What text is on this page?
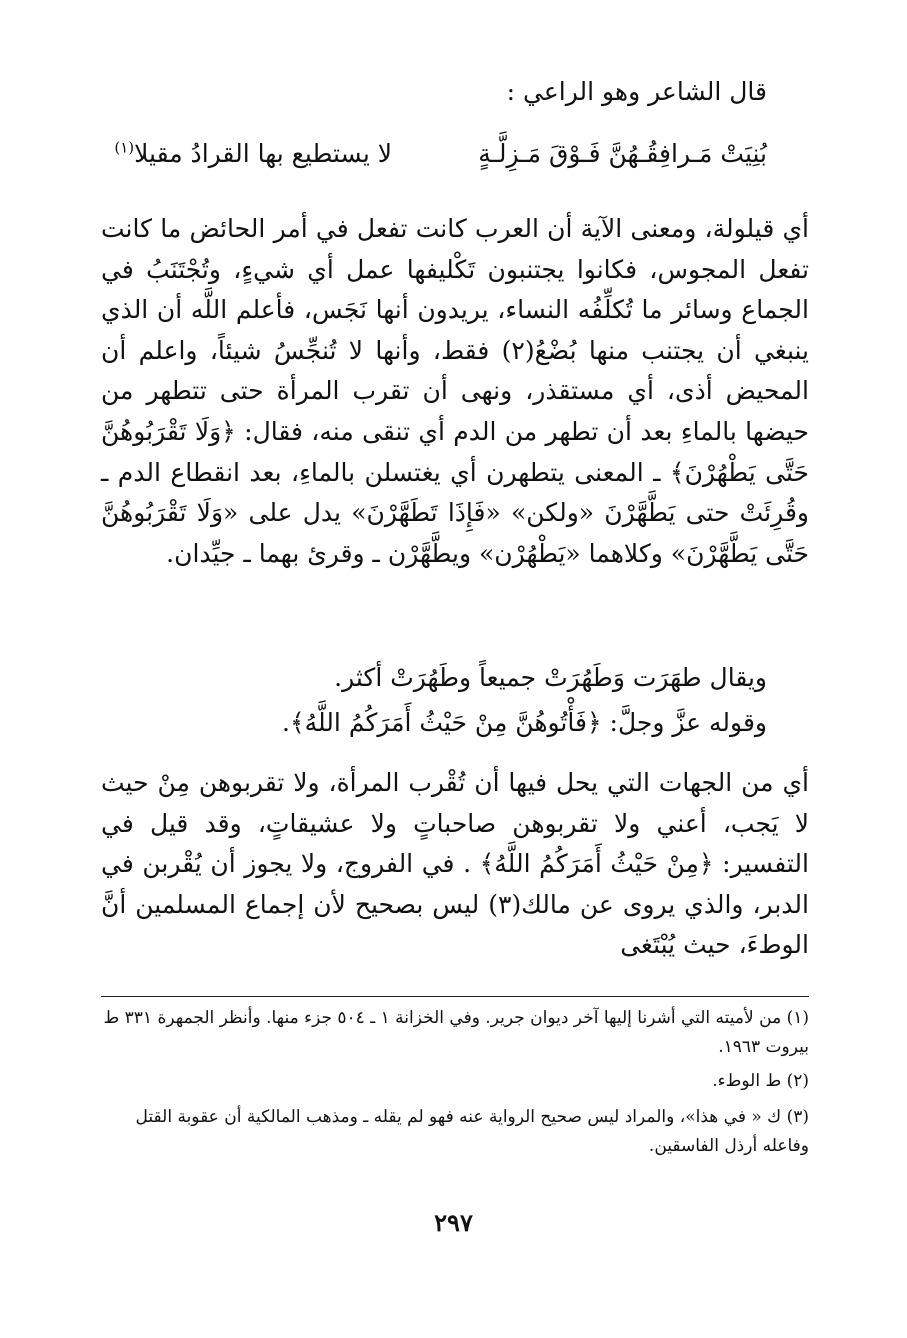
قال الشاعر وهو الراعي :

بُنِيَتْ مَـرافِقُـهُنَّ فَـوْقَ مَـزِلَّـةٍ
لا يستطيع بها القرادُ مقيلا$^{(١)}$

أي قيلولة، ومعنى الآية أن العرب كانت تفعل في أمر الحائض ما كانت تفعل المجوس، فكانوا يجتنبون تَكْليفها عمل أي شيءٍ، وتُجْتَنَبُ في الجماع وسائر ما تُكلِّفُه النساء، يريدون أنها نَجَس، فأعلم اللَّه أن الذي ينبغي أن يجتنب منها بُضْعُ(٢) فقط، وأنها لا تُنجِّسُ شيئاً، واعلم أن المحيض أذى، أي مستقذر، ونهى أن تقرب المرأة حتى تتطهر من حيضها بالماءِ بعد أن تطهر من الدم أي تنقى منه، فقال: ﴿وَلَا تَقْرَبُوهُنَّ حَتَّى يَطْهُرْنَ﴾ ـ المعنى يتطهرن أي يغتسلن بالماءِ، بعد انقطاع الدم ـ وقُرِئَتْ حتى يَطَّهَّرْنَ «ولكن» «فَإِذَا تَطَهَّرْنَ» يدل على «وَلَا تَقْرَبُوهُنَّ حَتَّى يَطَّهَّرْنَ» وكلاهما «يَطْهُرْن» ويطَّهَّرْن ـ وقرئ بهما ـ جيِّدان.

ويقال طهَرَت وَطَهُرَتْ جميعاً وطَهُرَتْ أكثر.

وقوله عزَّ وجلَّ: ﴿فَأْتُوهُنَّ مِنْ حَيْثُ أَمَرَكُمُ اللَّهُ﴾.

أي من الجهات التي يحل فيها أن تُقْرب المرأة، ولا تقربوهن مِنْ حيث لا يَجب، أعني ولا تقربوهن صاحباتٍ ولا عشيقاتٍ، وقد قيل في التفسير: ﴿مِنْ حَيْثُ أَمَرَكُمُ اللَّهُ﴾ . في الفروج، ولا يجوز أن يُقْربن في الدبر، والذي يروى عن مالك(٣) ليس بصحيح لأن إجماع المسلمين أنَّ الوطءَ، حيث يُبْتَغى

(١) من لأميته التي أشرنا إليها آخر ديوان جرير. وفي الخزانة ١ ـ ٥٠٤ جزء منها. وأنظر الجمهرة ٣٣١ ط بيروت ١٩٦٣.

(٢) ط الوطء.

(٣) ك « في هذا»، والمراد ليس صحيح الرواية عنه فهو لم يقله ـ ومذهب المالكية أن عقوبة القتل وفاعله أرذل الفاسقين.

٢٩٧
